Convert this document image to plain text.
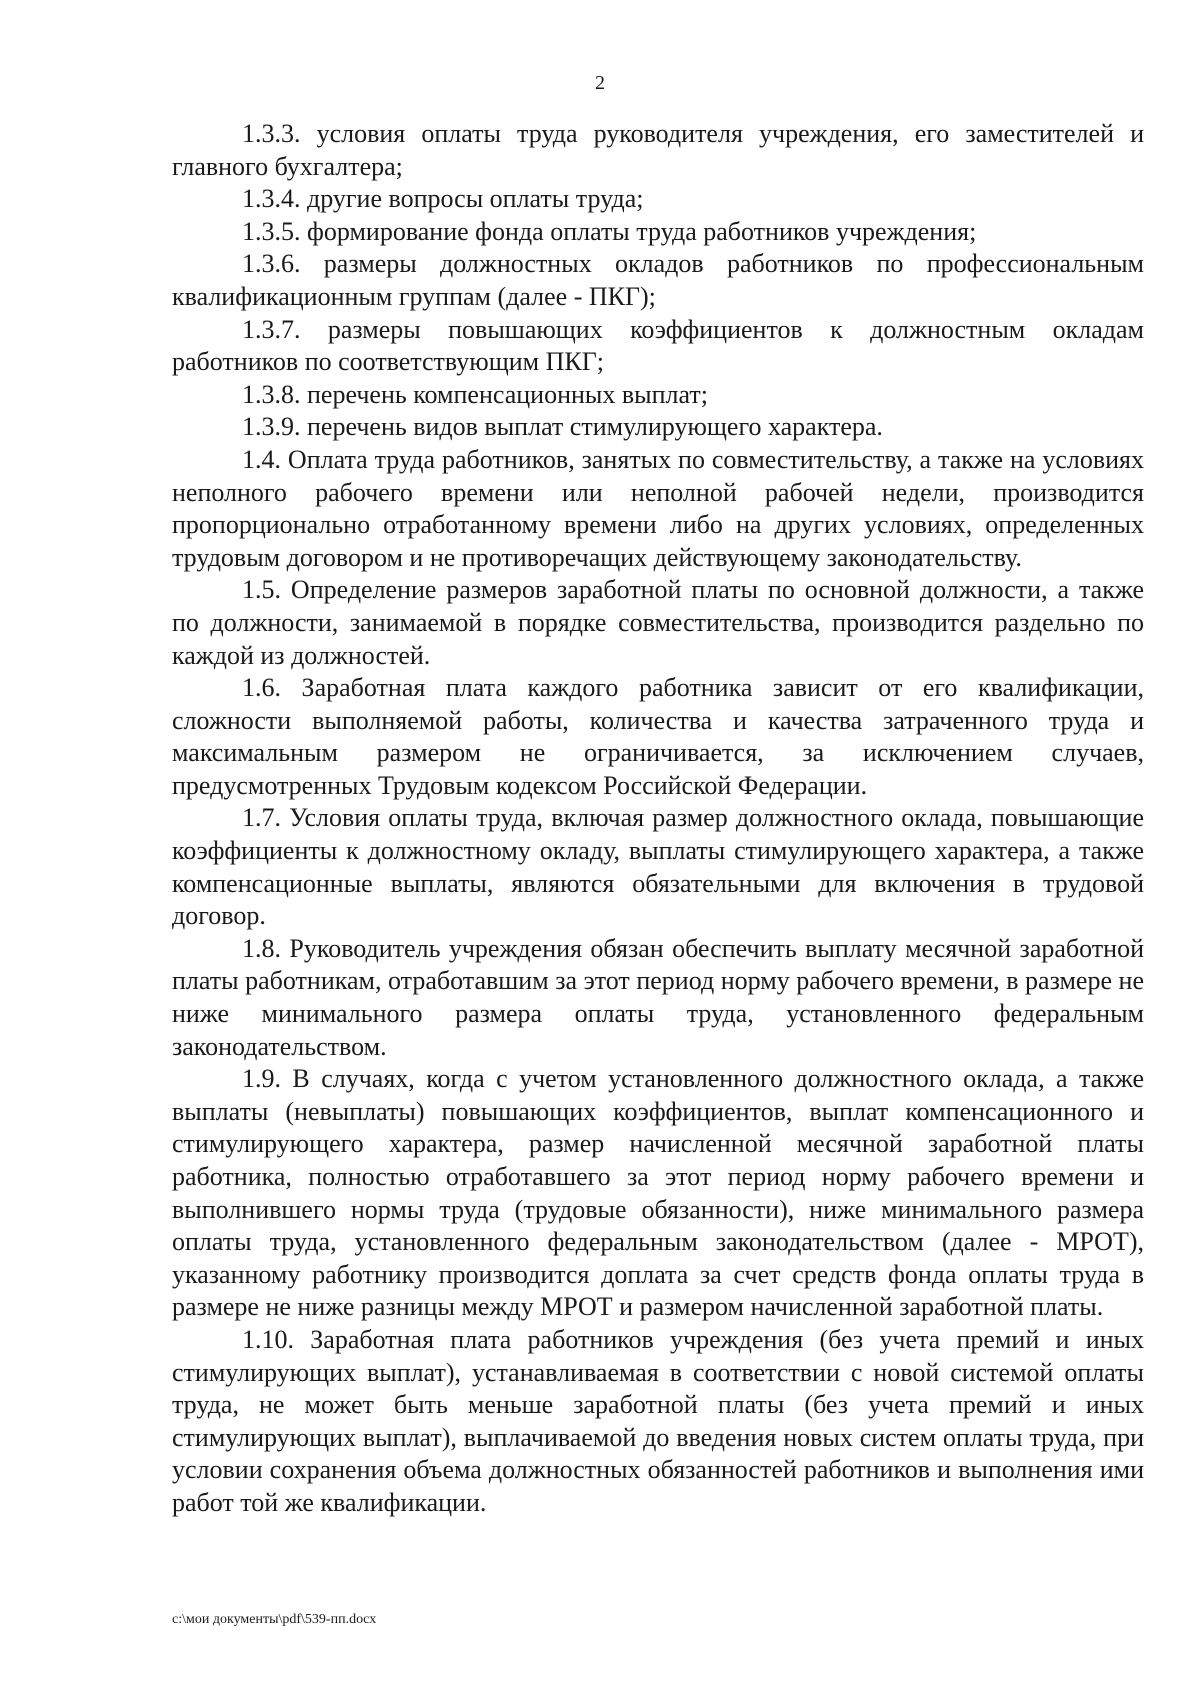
2

1.3.3. условия оплаты труда руководителя учреждения, его заместителей и главного бухгалтера;

1.3.4. другие вопросы оплаты труда;

1.3.5. формирование фонда оплаты труда работников учреждения;

1.3.6. размеры должностных окладов работников по профессиональным квалификационным группам (далее - ПКГ);

1.3.7. размеры повышающих коэффициентов к должностным окладам работников по соответствующим ПКГ;

1.3.8. перечень компенсационных выплат;

1.3.9. перечень видов выплат стимулирующего характера.

1.4. Оплата труда работников, занятых по совместительству, а также на условиях неполного рабочего времени или неполной рабочей недели, производится пропорционально отработанному времени либо на других условиях, определенных трудовым договором и не противоречащих действующему законодательству.

1.5. Определение размеров заработной платы по основной должности, а также по должности, занимаемой в порядке совместительства, производится раздельно по каждой из должностей.

1.6. Заработная плата каждого работника зависит от его квалификации, сложности выполняемой работы, количества и качества затраченного труда и максимальным размером не ограничивается, за исключением случаев, предусмотренных Трудовым кодексом Российской Федерации.

1.7. Условия оплаты труда, включая размер должностного оклада, повышающие коэффициенты к должностному окладу, выплаты стимулирующего характера, а также компенсационные выплаты, являются обязательными для включения в трудовой договор.

1.8. Руководитель учреждения обязан обеспечить выплату месячной заработной платы работникам, отработавшим за этот период норму рабочего времени, в размере не ниже минимального размера оплаты труда, установленного федеральным законодательством.

1.9. В случаях, когда с учетом установленного должностного оклада, а также выплаты (невыплаты) повышающих коэффициентов, выплат компенсационного и стимулирующего характера, размер начисленной месячной заработной платы работника, полностью отработавшего за этот период норму рабочего времени и выполнившего нормы труда (трудовые обязанности), ниже минимального размера оплаты труда, установленного федеральным законодательством (далее - МРОТ), указанному работнику производится доплата за счет средств фонда оплаты труда в размере не ниже разницы между МРОТ и размером начисленной заработной платы.

1.10. Заработная плата работников учреждения (без учета премий и иных стимулирующих выплат), устанавливаемая в соответствии с новой системой оплаты труда, не может быть меньше заработной платы (без учета премий и иных стимулирующих выплат), выплачиваемой до введения новых систем оплаты труда, при условии сохранения объема должностных обязанностей работников и выполнения ими работ той же квалификации.

c:\мои документы\pdf\539-пп.docx
